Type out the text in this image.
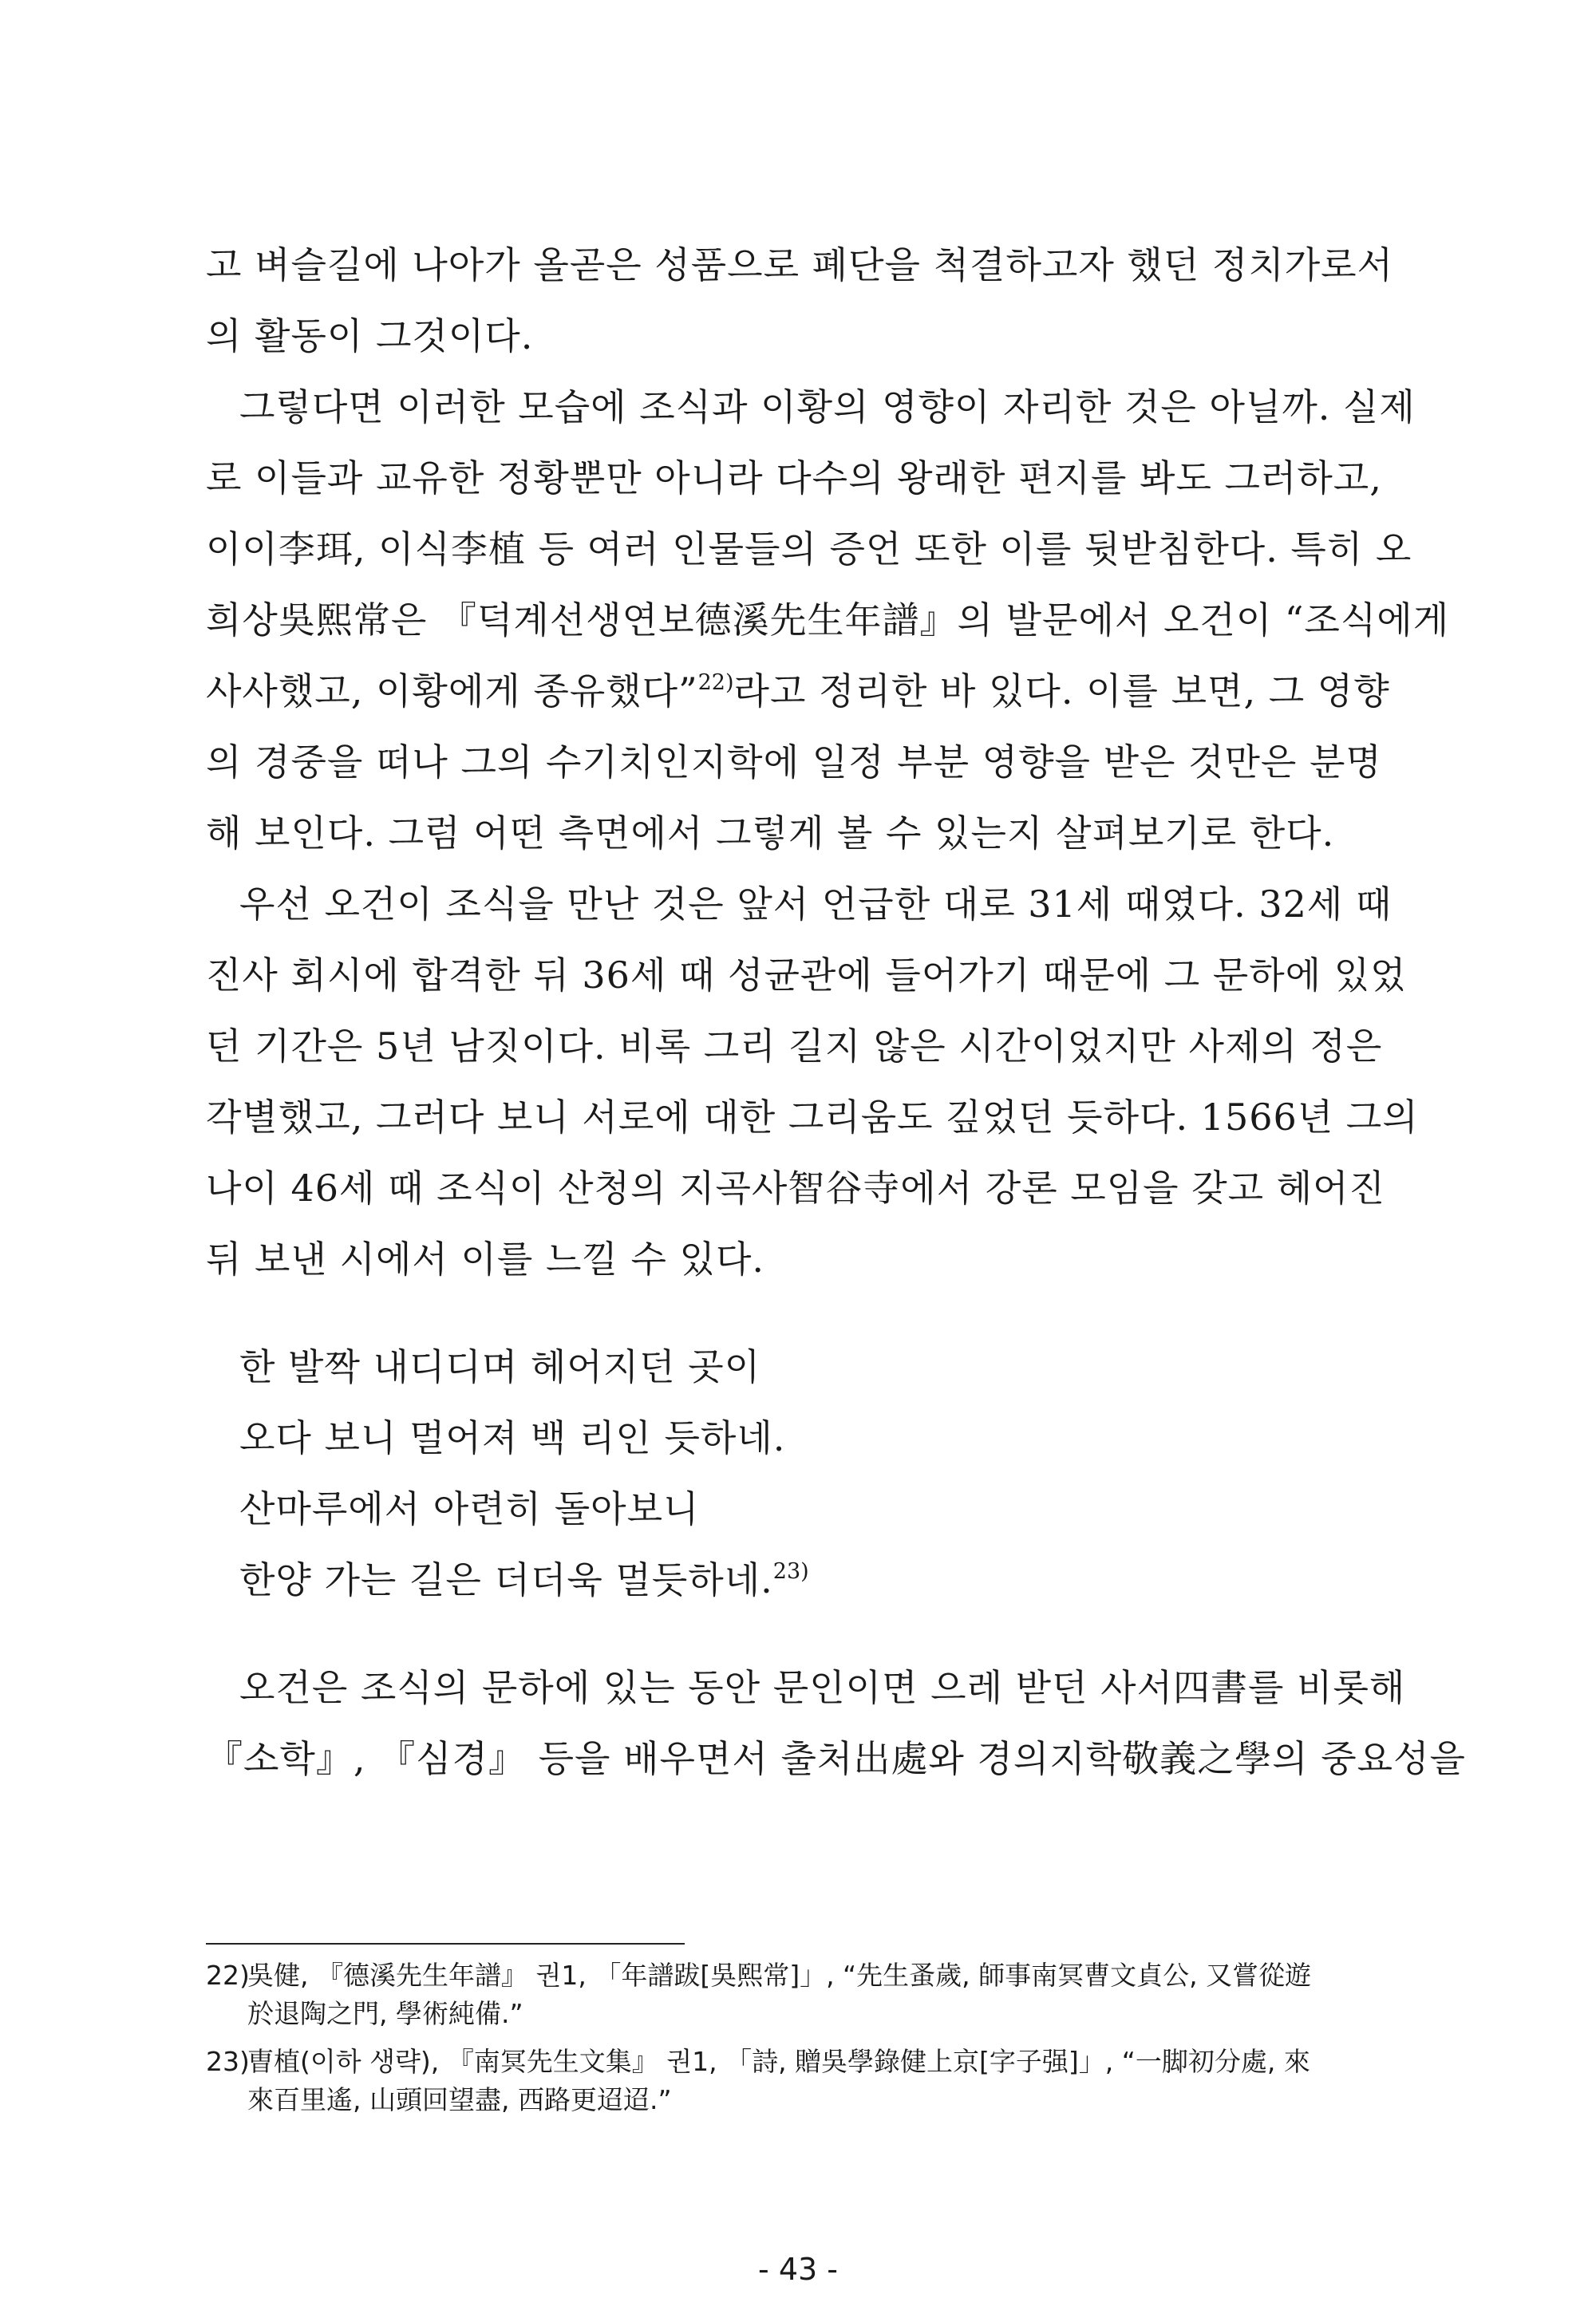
고 벼슬길에 나아가 올곧은 성품으로 폐단을 척결하고자 했던 정치가로서
의 활동이 그것이다.
그렇다면 이러한 모습에 조식과 이황의 영향이 자리한 것은 아닐까. 실제
로 이들과 교유한 정황뿐만 아니라 다수의 왕래한 편지를 봐도 그러하고,
이이李珥, 이식李植 등 여러 인물들의 증언 또한 이를 뒷받침한다. 특히 오
희상吳熙常은 『덕계선생연보德溪先生年譜』의 발문에서 오건이 “조식에게
사사했고, 이황에게 종유했다”$^{22)}$라고 정리한 바 있다. 이를 보면, 그 영향
의 경중을 떠나 그의 수기치인지학에 일정 부분 영향을 받은 것만은 분명
해 보인다. 그럼 어떤 측면에서 그렇게 볼 수 있는지 살펴보기로 한다.
우선 오건이 조식을 만난 것은 앞서 언급한 대로 31세 때였다. 32세 때
진사 회시에 합격한 뒤 36세 때 성균관에 들어가기 때문에 그 문하에 있었
던 기간은 5년 남짓이다. 비록 그리 길지 않은 시간이었지만 사제의 정은
각별했고, 그러다 보니 서로에 대한 그리움도 깊었던 듯하다. 1566년 그의
나이 46세 때 조식이 산청의 지곡사智谷寺에서 강론 모임을 갖고 헤어진
뒤 보낸 시에서 이를 느낄 수 있다.
한 발짝 내디디며 헤어지던 곳이
오다 보니 멀어져 백 리인 듯하네.
산마루에서 아련히 돌아보니
한양 가는 길은 더더욱 멀듯하네.$^{23)}$
오건은 조식의 문하에 있는 동안 문인이면 으레 받던 사서四書를 비롯해
『소학』, 『심경』 등을 배우면서 출처出處와 경의지학敬義之學의 중요성을
22)吳健, 『德溪先生年譜』 권1, 「年譜跋[吳熙常]」, “先生蚤歲, 師事南冥曹文貞公, 又嘗從遊
於退陶之門, 學術純備.”
23)曺植(이하 생략), 『南冥先生文集』 권1, 「詩, 贈吳學錄健上京[字子强]」, “一脚初分處, 來
來百里遙, 山頭回望盡, 西路更迢迢.”
- 43 -
